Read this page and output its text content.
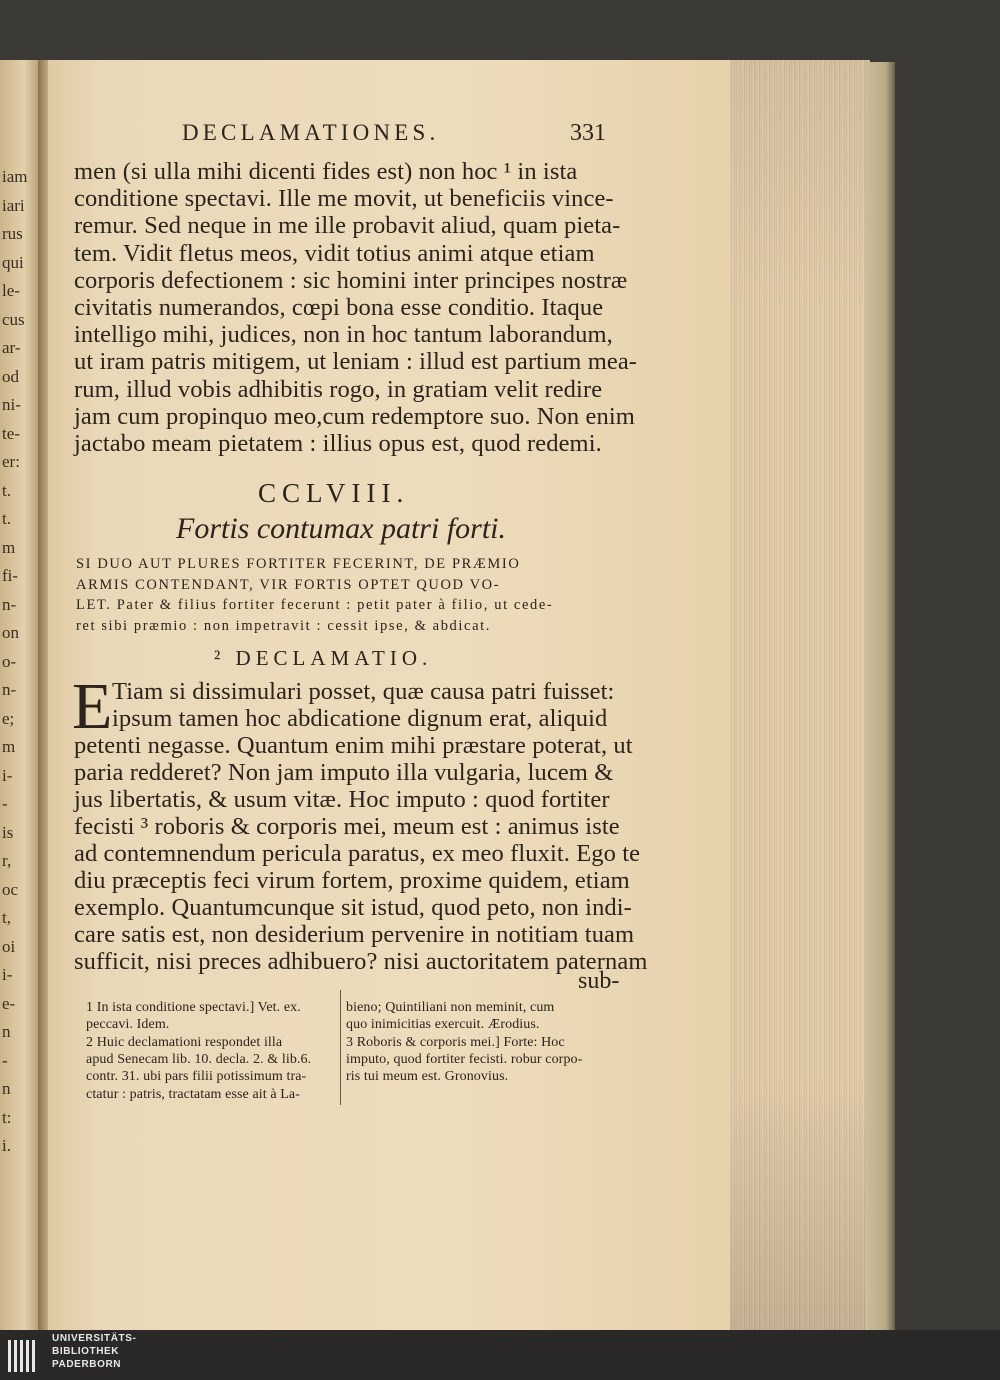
iam
iari
rus
qui
le-
cus
ar-
od
ni-
te-
er:
t.
t.
m
fi-
n-
on
o-
n-
e;
m
i-
-
is
r,
oc
t,
oi
i-
e-
n
-
n
t:
i.
DECLAMATIONES.	331
men (si ulla mihi dicenti fides est) non hoc ¹ in ista
conditione spectavi. Ille me movit, ut beneficiis vince-
remur. Sed neque in me ille probavit aliud, quam pieta-
tem. Vidit fletus meos, vidit totius animi atque etiam
corporis defectionem : sic homini inter principes nostræ
civitatis numerandos, cœpi bona esse conditio. Itaque
intelligo mihi, judices, non in hoc tantum laborandum,
ut iram patris mitigem, ut leniam : illud est partium mea-
rum, illud vobis adhibitis rogo, in gratiam velit redire
jam cum propinquo meo,cum redemptore suo. Non enim
jactabo meam pietatem : illius opus est, quod redemi.
CCLVIII.
Fortis contumax patri forti.
SI DUO AUT PLURES FORTITER FECERINT, DE PRÆMIO
ARMIS CONTENDANT, VIR FORTIS OPTET QUOD VO-
LET. Pater & filius fortiter fecerunt : petit pater à filio, ut cede-
ret sibi præmio : non impetravit : cessit ipse, & abdicat.
² DECLAMATIO.
E Tiam si dissimulari posset, quæ causa patri fuisset:
ipsum tamen hoc abdicatione dignum erat, aliquid
petenti negasse. Quantum enim mihi præstare poterat, ut
paria redderet? Non jam imputo illa vulgaria, lucem &
jus libertatis, & usum vitæ. Hoc imputo : quod fortiter
fecisti ³ roboris & corporis mei, meum est : animus iste
ad contemnendum pericula paratus, ex meo fluxit. Ego te
diu præceptis feci virum fortem, proxime quidem, etiam
exemplo. Quantumcunque sit istud, quod peto, non indi-
care satis est, non desiderium pervenire in notitiam tuam
sufficit, nisi preces adhibuero? nisi auctoritatem paternam
sub-
1 In ista conditione spectavi.] Vet. ex.
peccavi. Idem.
2 Huic declamationi respondet illa
apud Senecam lib. 10. decla. 2. & lib.6.
contr. 31. ubi pars filii potissimum tra-
ctatur : patris, tractatam esse ait à La-
bieno; Quintiliani non meminit, cum
quo inimicitias exercuit. Ærodius.
3 Roboris & corporis mei.] Forte: Hoc
imputo, quod fortiter fecisti. robur corpo-
ris tui meum est. Gronovius.
UNIVERSITÄTS-
BIBLIOTHEK
PADERBORN
